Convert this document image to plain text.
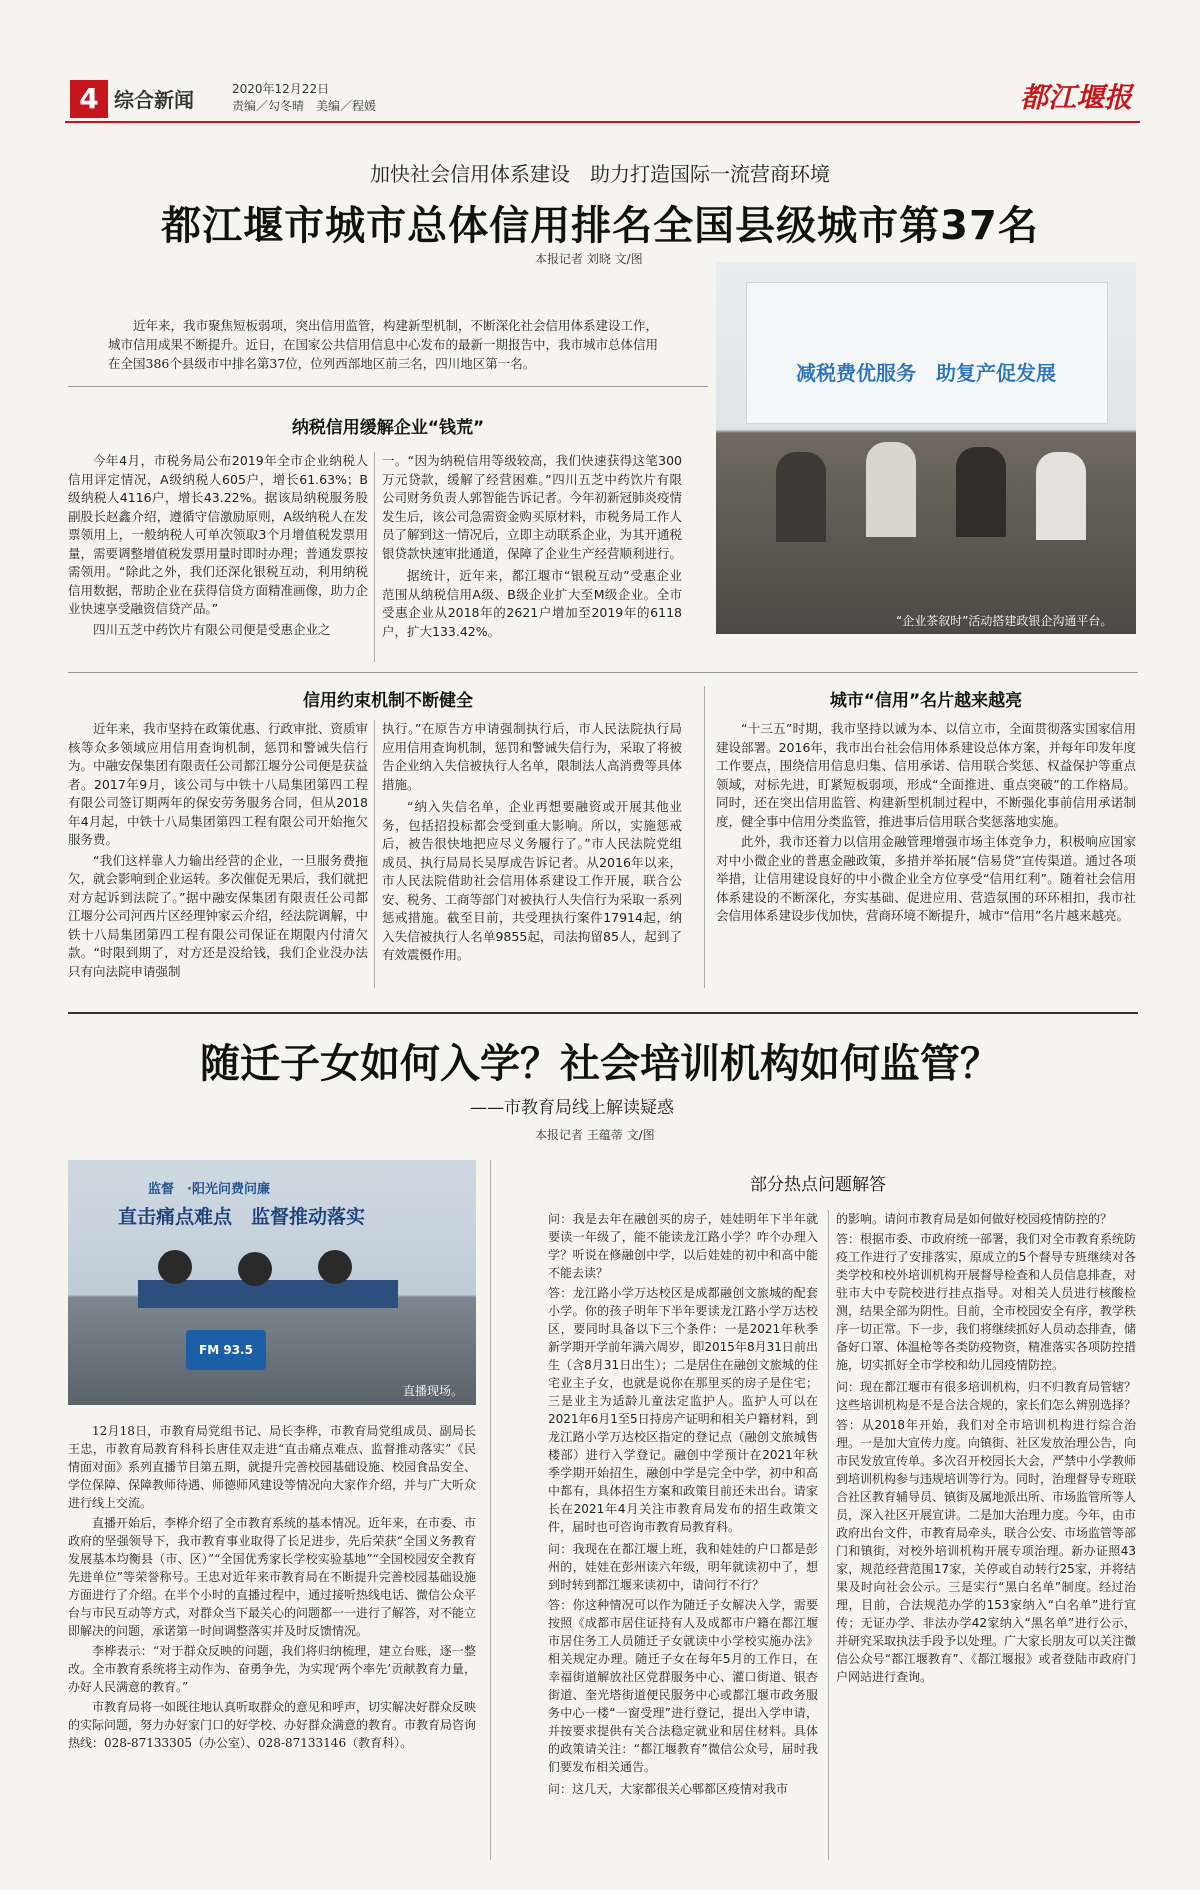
4 综合新闻	2020年12月22日
责编／勾冬晴　美编／程媛	都江堰报
加快社会信用体系建设　助力打造国际一流营商环境
都江堰市城市总体信用排名全国县级城市第37名
本报记者 刘晓 文/图
近年来，我市聚焦短板弱项，突出信用监管，构建新型机制，不断深化社会信用体系建设工作，城市信用成果不断提升。近日，在国家公共信用信息中心发布的最新一期报告中，我市城市总体信用在全国386个县级市中排名第37位，位列西部地区前三名，四川地区第一名。	减税费优服务　助复产促发展
“企业茶叙时”活动搭建政银企沟通平台。
纳税信用缓解企业“钱荒”

今年4月，市税务局公布2019年全市企业纳税人信用评定情况，A级纳税人605户，增长61.63%；B级纳税人4116户，增长43.22%。据该局纳税服务股副股长赵鑫介绍，遵循守信激励原则，A级纳税人在发票领用上，一般纳税人可单次领取3个月增值税发票用量，需要调整增值税发票用量时即时办理；普通发票按需领用。“除此之外，我们还深化银税互动，利用纳税信用数据，帮助企业在获得信贷方面精准画像，助力企业快速享受融资信贷产品。”

四川五芝中药饮片有限公司便是受惠企业之

一。“因为纳税信用等级较高，我们快速获得这笔300万元贷款，缓解了经营困难。”四川五芝中药饮片有限公司财务负责人郭智能告诉记者。今年初新冠肺炎疫情发生后，该公司急需资金购买原材料，市税务局工作人员了解到这一情况后，立即主动联系企业，为其开通税银贷款快速审批通道，保障了企业生产经营顺利进行。

据统计，近年来，都江堰市“银税互动”受惠企业范围从纳税信用A级、B级企业扩大至M级企业。全市受惠企业从2018年的2621户增加至2019年的6118户，扩大133.42%。

信用约束机制不断健全

近年来，我市坚持在政策优惠、行政审批、资质审核等众多领域应用信用查询机制，惩罚和警诫失信行为。中融安保集团有限责任公司都江堰分公司便是获益者。2017年9月，该公司与中铁十八局集团第四工程有限公司签订期两年的保安劳务服务合同，但从2018年4月起，中铁十八局集团第四工程有限公司开始拖欠服务费。

“我们这样靠人力输出经营的企业，一旦服务费拖欠，就会影响到企业运转。多次催促无果后，我们就把对方起诉到法院了。”据中融安保集团有限责任公司都江堰分公司河西片区经理钟家云介绍，经法院调解，中铁十八局集团第四工程有限公司保证在期限内付清欠款。“时限到期了，对方还是没给钱，我们企业没办法只有向法院申请强制

执行。”在原告方申请强制执行后，市人民法院执行局应用信用查询机制，惩罚和警诫失信行为，采取了将被告企业纳入失信被执行人名单，限制法人高消费等具体措施。

“纳入失信名单，企业再想要融资或开展其他业务，包括招投标都会受到重大影响。所以，实施惩戒后，被告很快地把应尽义务履行了。”市人民法院党组成员、执行局局长吴厚成告诉记者。从2016年以来，市人民法院借助社会信用体系建设工作开展，联合公安、税务、工商等部门对被执行人失信行为采取一系列惩戒措施。截至目前，共受理执行案件17914起，纳入失信被执行人名单9855起，司法拘留85人，起到了有效震慑作用。

城市“信用”名片越来越亮

“十三五”时期，我市坚持以诚为本、以信立市，全面贯彻落实国家信用建设部署。2016年，我市出台社会信用体系建设总体方案，并每年印发年度工作要点，围绕信用信息归集、信用承诺、信用联合奖惩、权益保护等重点领域，对标先进，盯紧短板弱项，形成“全面推进、重点突破”的工作格局。同时，还在突出信用监管、构建新型机制过程中，不断强化事前信用承诺制度，健全事中信用分类监管，推进事后信用联合奖惩落地实施。

此外，我市还着力以信用金融管理增强市场主体竞争力，积极响应国家对中小微企业的普惠金融政策，多措并举拓展“信易贷”宣传渠道。通过各项举措，让信用建设良好的中小微企业全方位享受“信用红利”。随着社会信用体系建设的不断深化，夯实基础、促进应用、营造氛围的环环相扣，我市社会信用体系建设步伐加快，营商环境不断提升，城市“信用”名片越来越亮。

随迁子女如何入学？社会培训机构如何监管？
——市教育局线上解读疑惑
本报记者 王蕴蒂 文/图
监督　·阳光问费问廉
直击痛点难点　监督推动落实
FM 93.5
直播现场。

12月18日，市教育局党组书记、局长李桦，市教育局党组成员、副局长王忠，市教育局教育科科长唐佳双走进“直击痛点难点、监督推动落实”《民情面对面》系列直播节目第五期，就提升完善校园基础设施、校园食品安全、学位保障、保障教师待遇、师德师风建设等情况向大家作介绍，并与广大听众进行线上交流。

直播开始后，李桦介绍了全市教育系统的基本情况。近年来，在市委、市政府的坚强领导下，我市教育事业取得了长足进步，先后荣获“全国义务教育发展基本均衡县（市、区）”“全国优秀家长学校实验基地”“全国校园安全教育先进单位”等荣誉称号。王忠对近年来市教育局在不断提升完善校园基础设施方面进行了介绍。在半个小时的直播过程中，通过接听热线电话、微信公众平台与市民互动等方式，对群众当下最关心的问题都一一进行了解答，对不能立即解决的问题，承诺第一时间调整落实并及时反馈情况。

李桦表示：“对于群众反映的问题，我们将归纳梳理，建立台账，逐一整改。全市教育系统将主动作为、奋勇争先，为实现‘两个率先’贡献教育力量，办好人民满意的教育。”

市教育局将一如既往地认真听取群众的意见和呼声，切实解决好群众反映的实际问题，努力办好家门口的好学校、办好群众满意的教育。市教育局咨询热线：028-87133305（办公室）、028-87133146（教育科）。

部分热点问题解答

问：我是去年在融创买的房子，娃娃明年下半年就要读一年级了，能不能读龙江路小学？咋个办理入学？听说在修融创中学，以后娃娃的初中和高中能不能去读？

答：龙江路小学万达校区是成都融创文旅城的配套小学。你的孩子明年下半年要读龙江路小学万达校区，要同时具备以下三个条件：一是2021年秋季新学期开学前年满六周岁，即2015年8月31日前出生（含8月31日出生）；二是居住在融创文旅城的住宅业主子女，也就是说你在那里买的房子是住宅；三是业主为适龄儿童法定监护人。监护人可以在2021年6月1至5日持房产证明和相关户籍材料，到龙江路小学万达校区指定的登记点（融创文旅城售楼部）进行入学登记。融创中学预计在2021年秋季学期开始招生，融创中学是完全中学，初中和高中都有，具体招生方案和政策目前还未出台。请家长在2021年4月关注市教育局发布的招生政策文件，届时也可咨询市教育局教育科。

问：我现在在都江堰上班，我和娃娃的户口都是彭州的，娃娃在彭州读六年级，明年就读初中了，想到时转到都江堰来读初中，请问行不行？

答：你这种情况可以作为随迁子女解决入学，需要按照《成都市居住证持有人及成都市户籍在都江堰市居住务工人员随迁子女就读中小学校实施办法》相关规定办理。随迁子女在每年5月的工作日，在幸福街道解放社区党群服务中心、灌口街道、银杏街道、奎光塔街道便民服务中心或都江堰市政务服务中心一楼“一窗受理”进行登记，提出入学申请，并按要求提供有关合法稳定就业和居住材料。具体的政策请关注：“都江堰教育”微信公众号，届时我们要发布相关通告。

问：这几天，大家都很关心郫都区疫情对我市

的影响。请问市教育局是如何做好校园疫情防控的？

答：根据市委、市政府统一部署，我们对全市教育系统防疫工作进行了安排落实，原成立的5个督导专班继续对各类学校和校外培训机构开展督导检查和人员信息排查，对驻市大中专院校进行挂点指导。对相关人员进行核酸检测，结果全部为阴性。目前，全市校园安全有序，教学秩序一切正常。下一步，我们将继续抓好人员动态排查，储备好口罩、体温枪等各类防疫物资，精准落实各项防控措施，切实抓好全市学校和幼儿园疫情防控。

问：现在都江堰市有很多培训机构，归不归教育局管辖？这些培训机构是不是合法合规的，家长们怎么辨别选择？

答：从2018年开始，我们对全市培训机构进行综合治理。一是加大宣传力度。向镇街、社区发放治理公告，向市民发放宣传单。多次召开校园长大会，严禁中小学教师到培训机构参与违规培训等行为。同时，治理督导专班联合社区教育辅导员、镇街及属地派出所、市场监管所等人员，深入社区开展宣讲。二是加大治理力度。今年，由市政府出台文件，市教育局牵头，联合公安、市场监管等部门和镇街，对校外培训机构开展专项治理。新办证照43家，规范经营范围17家，关停或自动转行25家，并将结果及时向社会公示。三是实行“黑白名单”制度。经过治理，目前，合法规范办学的153家纳入“白名单”进行宣传；无证办学、非法办学42家纳入“黑名单”进行公示，并研究采取执法手段予以处理。广大家长朋友可以关注微信公众号“都江堰教育”、《都江堰报》或者登陆市政府门户网站进行查询。
